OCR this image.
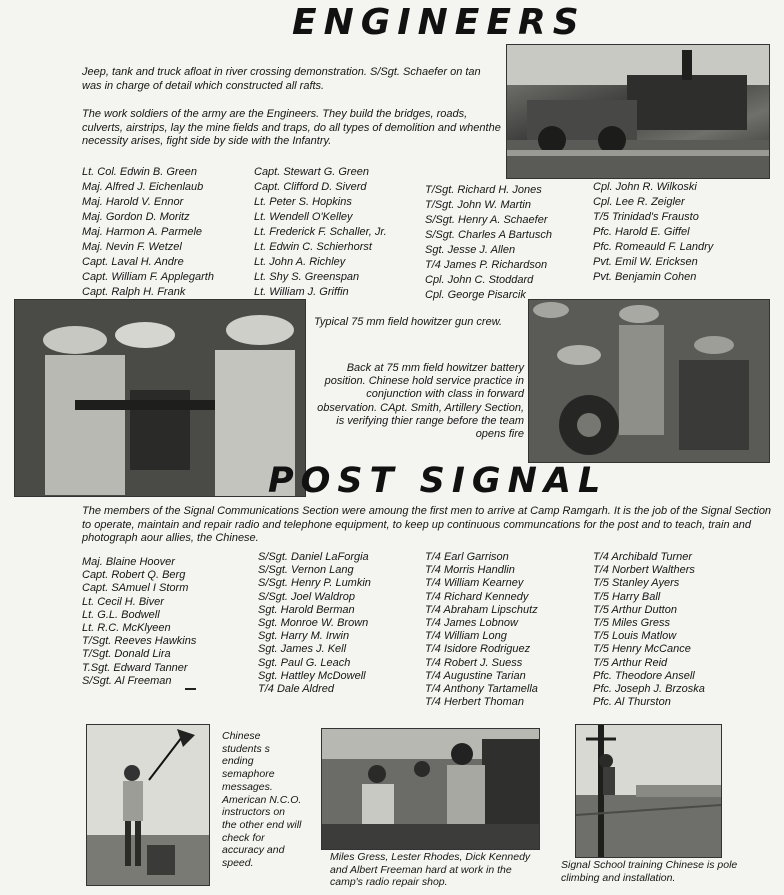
ENGINEERS
Jeep, tank and truck afloat in river crossing demonstration. S/Sgt. Schaefer on tan was in charge of detail which constructed all rafts.
The work soldiers of the army are the Engineers. They build the bridges, roads, culverts, airstrips, lay the mine fields and traps, do all types of demolition and whenthe necessity arises, fight side by side with the Infantry.
Lt. Col. Edwin B. Green
Maj. Alfred J. Eichenlaub
Maj. Harold V. Ennor
Maj. Gordon D. Moritz
Maj. Harmon A. Parmele
Maj. Nevin F. Wetzel
Capt. Laval H. Andre
Capt. William F. Applegarth
Capt. Ralph H. Frank
Capt. Stewart G. Green
Capt. Clifford D. Siverd
Lt. Peter S. Hopkins
Lt. Wendell O'Kelley
Lt. Frederick F. Schaller, Jr.
Lt. Edwin C. Schierhorst
Lt. John A. Richley
Lt. Shy S. Greenspan
Lt. William J. Griffin
T/Sgt. Richard H. Jones
T/Sgt. John W. Martin
S/Sgt. Henry A. Schaefer
S/Sgt. Charles A Bartusch
Sgt. Jesse J. Allen
T/4 James P. Richardson
Cpl. John C. Stoddard
Cpl. George Pisarcik
Cpl. John R. Wilkoski
Cpl. Lee R. Zeigler
T/5 Trinidad's Frausto
Pfc. Harold E. Giffel
Pfc. Romeauld F. Landry
Pvt. Emil W. Ericksen
Pvt. Benjamin Cohen
Typical 75 mm field howitzer gun crew.
Back at 75 mm field howitzer battery position. Chinese hold service practice in conjunction with class in forward observation. CApt. Smith, Artillery Section, is verifying thier range before the team opens fire
POST SIGNAL
The members of the Signal Communications Section were amoung the first men to arrive at Camp Ramgarh. It is the job of the Signal Section to operate, maintain and repair radio and telephone equipment, to keep up continuous communcations for the post and to teach, train and photograph aour allies, the Chinese.
Maj. Blaine Hoover
Capt. Robert Q. Berg
Capt. SAmuel I Storm
Lt. Cecil H. Biver
Lt. G.L. Bodwell
Lt. R.C. McKlyeen
T/Sgt. Reeves Hawkins
T/Sgt. Donald Lira
T.Sgt. Edward Tanner
S/Sgt. Al Freeman
S/Sgt. Daniel LaForgia
S/Sgt. Vernon Lang
S/Sgt. Henry P. Lumkin
S/Sgt. Joel Waldrop
Sgt. Harold Berman
Sgt. Monroe W. Brown
Sgt. Harry M. Irwin
Sgt. James J. Kell
Sgt. Paul G. Leach
Sgt. Hattley McDowell
T/4 Dale Aldred
T/4 Earl Garrison
T/4 Morris Handlin
T/4 William Kearney
T/4 Richard Kennedy
T/4 Abraham Lipschutz
T/4 James Lobnow
T/4 William Long
T/4 Isidore Rodriguez
T/4 Robert J. Suess
T/4 Augustine Tarian
T/4 Anthony Tartamella
T/4 Herbert Thoman
T/4 Archibald Turner
T/4 Norbert Walthers
T/5 Stanley Ayers
T/5 Harry Ball
T/5 Arthur Dutton
T/5 Miles Gress
T/5 Louis Matlow
T/5 Henry McCance
T/5 Arthur Reid
Pfc. Theodore Ansell
Pfc. Joseph J. Brzoska
Pfc. Al Thurston
Chinese students s ending semaphore messages. American N.C.O. instructors on the other end will check for accuracy and speed.
Miles Gress, Lester Rhodes, Dick Kennedy and Albert Freeman hard at work in the camp's radio repair shop.
Signal School training Chinese is pole climbing and installation.
